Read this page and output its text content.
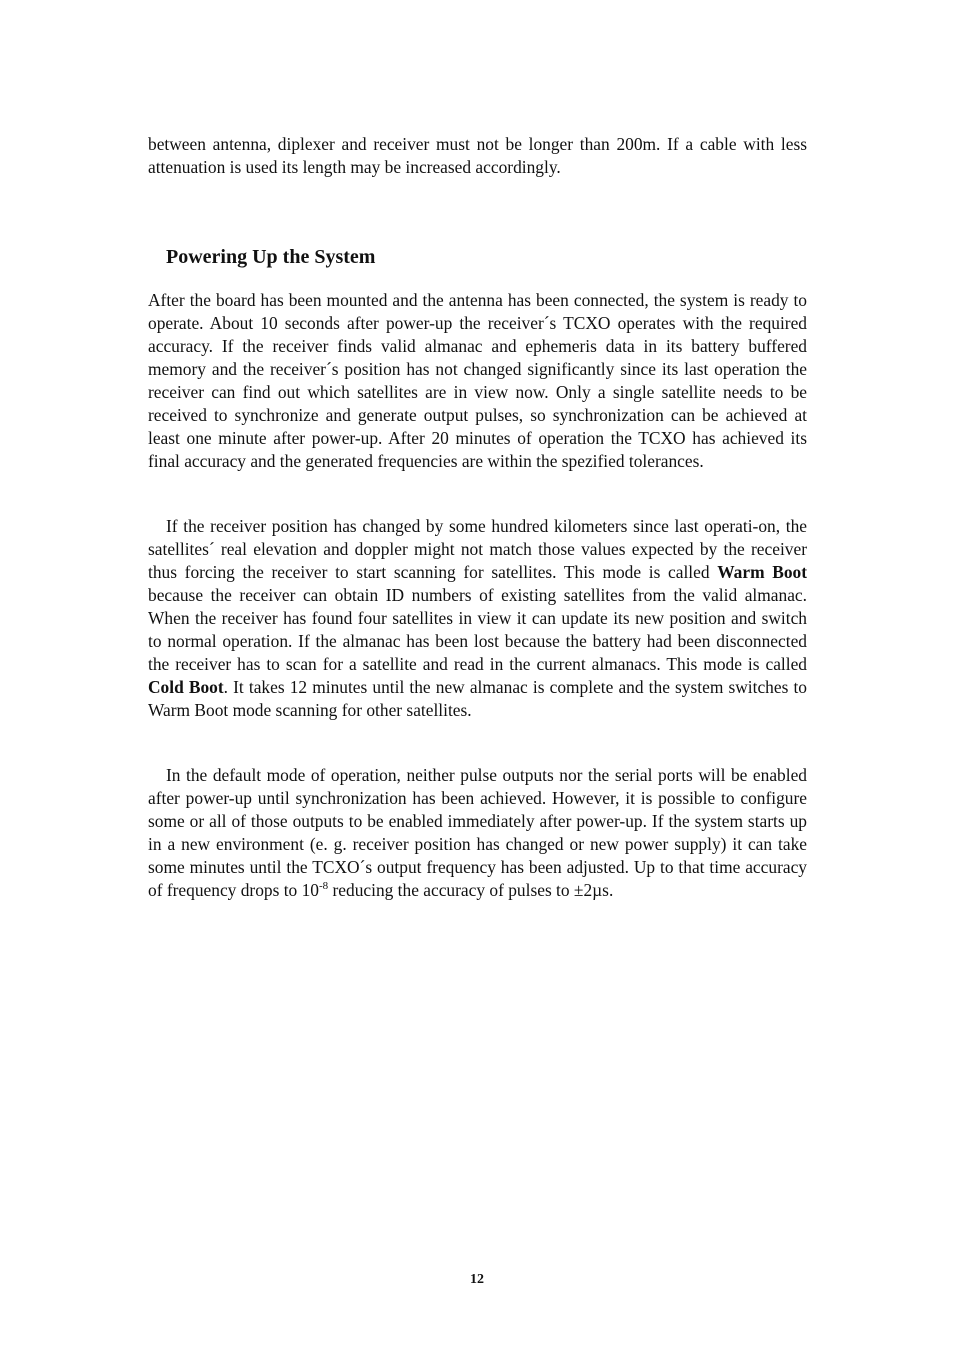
between antenna, diplexer and receiver must not be longer than 200m. If a cable with less attenuation is used its length may be increased accordingly.

Powering Up the System

After the board has been mounted and the antenna has been connected, the system is ready to operate. About 10 seconds after power-up the receiver´s TCXO operates with the required accuracy. If the receiver finds valid almanac and ephemeris data in its battery buffered memory and the receiver´s position has not changed significantly since its last operation the receiver can find out which satellites are in view now. Only a single satellite needs to be received to synchronize and generate output pulses, so synchronization can be achieved at least one minute after power-up. After 20 minutes of operation the TCXO has achieved its final accuracy and the generated frequencies are within the spezified tolerances.

If the receiver position has changed by some hundred kilometers since last operati-on, the satellites´ real elevation and doppler might not match those values expected by the receiver thus forcing the receiver to start scanning for satellites. This mode is called Warm Boot because the receiver can obtain ID numbers of existing satellites from the valid almanac. When the receiver has found four satellites in view it can update its new position and switch to normal operation. If the almanac has been lost because the battery had been disconnected the receiver has to scan for a satellite and read in the current almanacs. This mode is called Cold Boot. It takes 12 minutes until the new almanac is complete and the system switches to Warm Boot mode scanning for other satellites.

In the default mode of operation, neither pulse outputs nor the serial ports will be enabled after power-up until synchronization has been achieved. However, it is possible to configure some or all of those outputs to be enabled immediately after power-up. If the system starts up in a new environment (e. g. receiver position has changed or new power supply) it can take some minutes until the TCXO´s output frequency has been adjusted. Up to that time accuracy of frequency drops to $10^{-8}$ reducing the accuracy of pulses to ±2µs.

12
